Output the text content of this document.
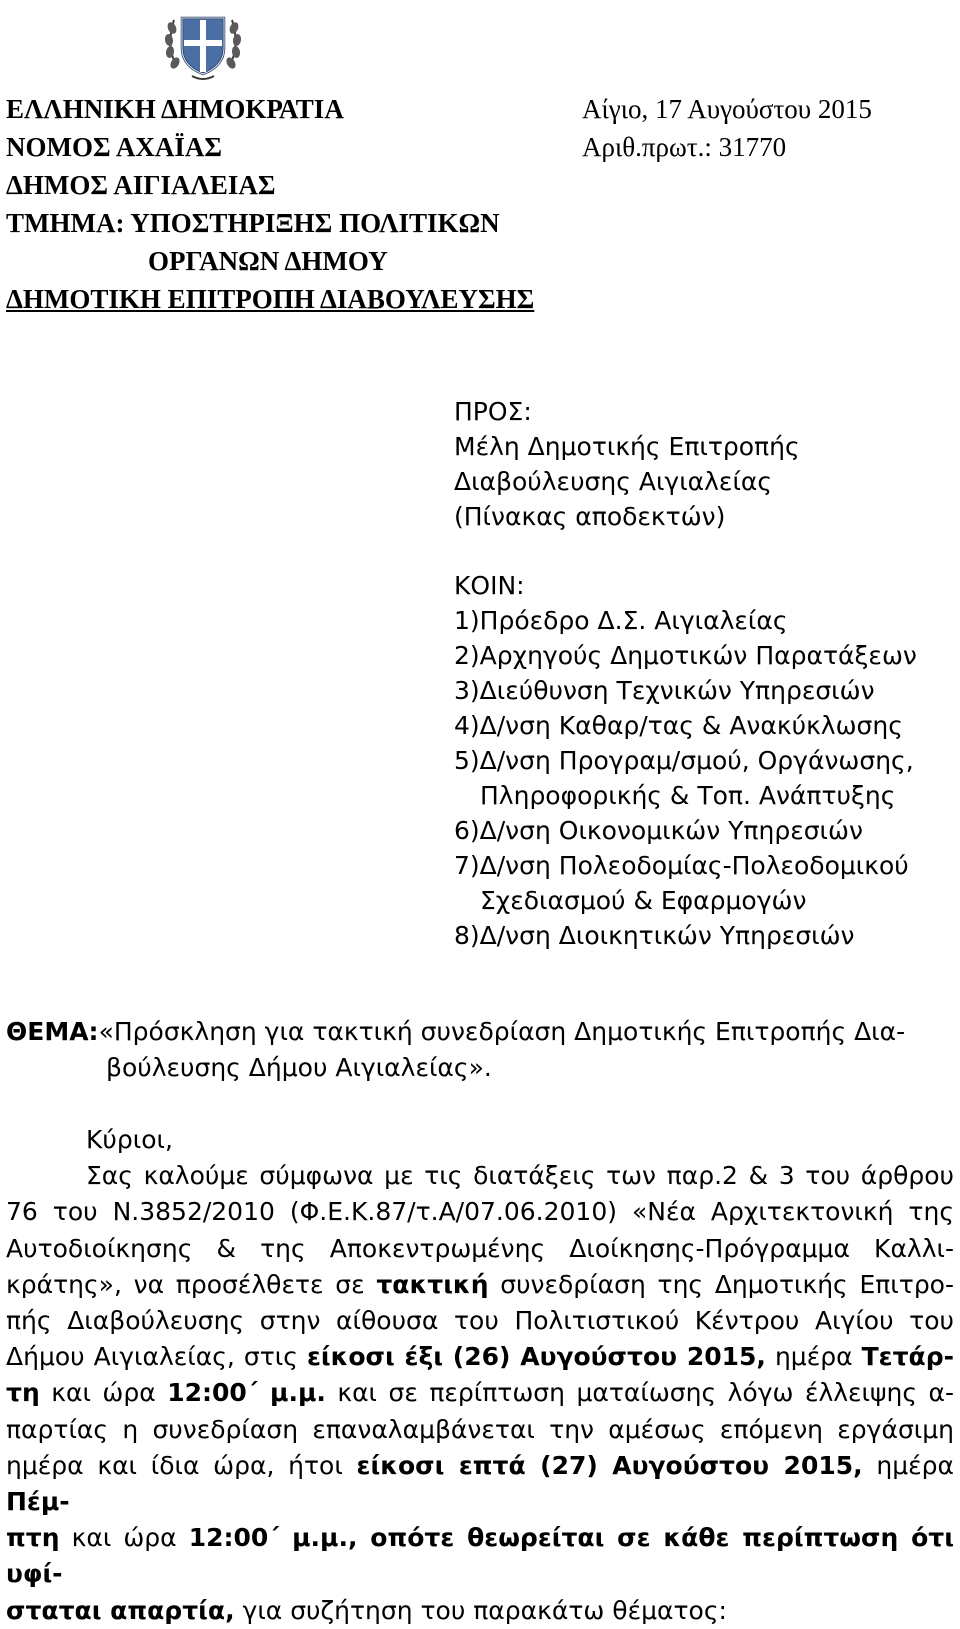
ΕΛΛΗΝΙΚΗ ΔΗΜΟΚΡΑΤΙΑ
ΝΟΜΟΣ ΑΧΑΪΑΣ
ΔΗΜΟΣ ΑΙΓΙΑΛΕΙΑΣ
ΤΜΗΜΑ: ΥΠΟΣΤΗΡΙΞΗΣ ΠΟΛΙΤΙΚΩΝ
ΟΡΓΑΝΩΝ ΔΗΜΟΥ
ΔΗΜΟΤΙΚΗ ΕΠΙΤΡΟΠΗ ΔΙΑΒΟΥΛΕΥΣΗΣ
Αίγιο, 17 Αυγούστου 2015
Αριθ.πρωτ.: 31770
ΠΡΟΣ:
Μέλη Δημοτικής Επιτροπής
Διαβούλευσης Αιγιαλείας
(Πίνακας αποδεκτών)
ΚΟΙΝ:
1)Πρόεδρο Δ.Σ. Αιγιαλείας
2)Αρχηγούς Δημοτικών Παρατάξεων
3)Διεύθυνση Τεχνικών Υπηρεσιών
4)Δ/νση Καθαρ/τας & Ανακύκλωσης
5)Δ/νση Προγραμ/σμού, Οργάνωσης,
Πληροφορικής & Τοπ. Ανάπτυξης
6)Δ/νση Οικονομικών Υπηρεσιών
7)Δ/νση Πολεοδομίας-Πολεοδομικού
Σχεδιασμού & Εφαρμογών
8)Δ/νση Διοικητικών Υπηρεσιών
ΘΕΜΑ:«Πρόσκληση για τακτική συνεδρίαση Δημοτικής Επιτροπής Δια-
βούλευσης Δήμου Αιγιαλείας».
Κύριοι,
Σας καλούμε σύμφωνα με τις διατάξεις των παρ.2 & 3 του άρθρου
76 του Ν.3852/2010 (Φ.Ε.Κ.87/τ.Α/07.06.2010) «Νέα Αρχιτεκτονική της
Αυτοδιοίκησης & της Αποκεντρωμένης Διοίκησης-Πρόγραμμα Καλλι-
κράτης», να προσέλθετε σε τακτική συνεδρίαση της Δημοτικής Επιτρο-
πής Διαβούλευσης στην αίθουσα του Πολιτιστικού Κέντρου Αιγίου του
Δήμου Αιγιαλείας, στις είκοσι έξι (26) Αυγούστου 2015, ημέρα Τετάρ-
τη και ώρα 12:00΄ μ.μ. και σε περίπτωση ματαίωσης λόγω έλλειψης α-
παρτίας η συνεδρίαση επαναλαμβάνεται την αμέσως επόμενη εργάσιμη
ημέρα και ίδια ώρα, ήτοι είκοσι επτά (27) Αυγούστου 2015, ημέρα Πέμ-
πτη και ώρα 12:00΄ μ.μ., οπότε θεωρείται σε κάθε περίπτωση ότι υφί-
σταται απαρτία, για συζήτηση του παρακάτω θέματος:
